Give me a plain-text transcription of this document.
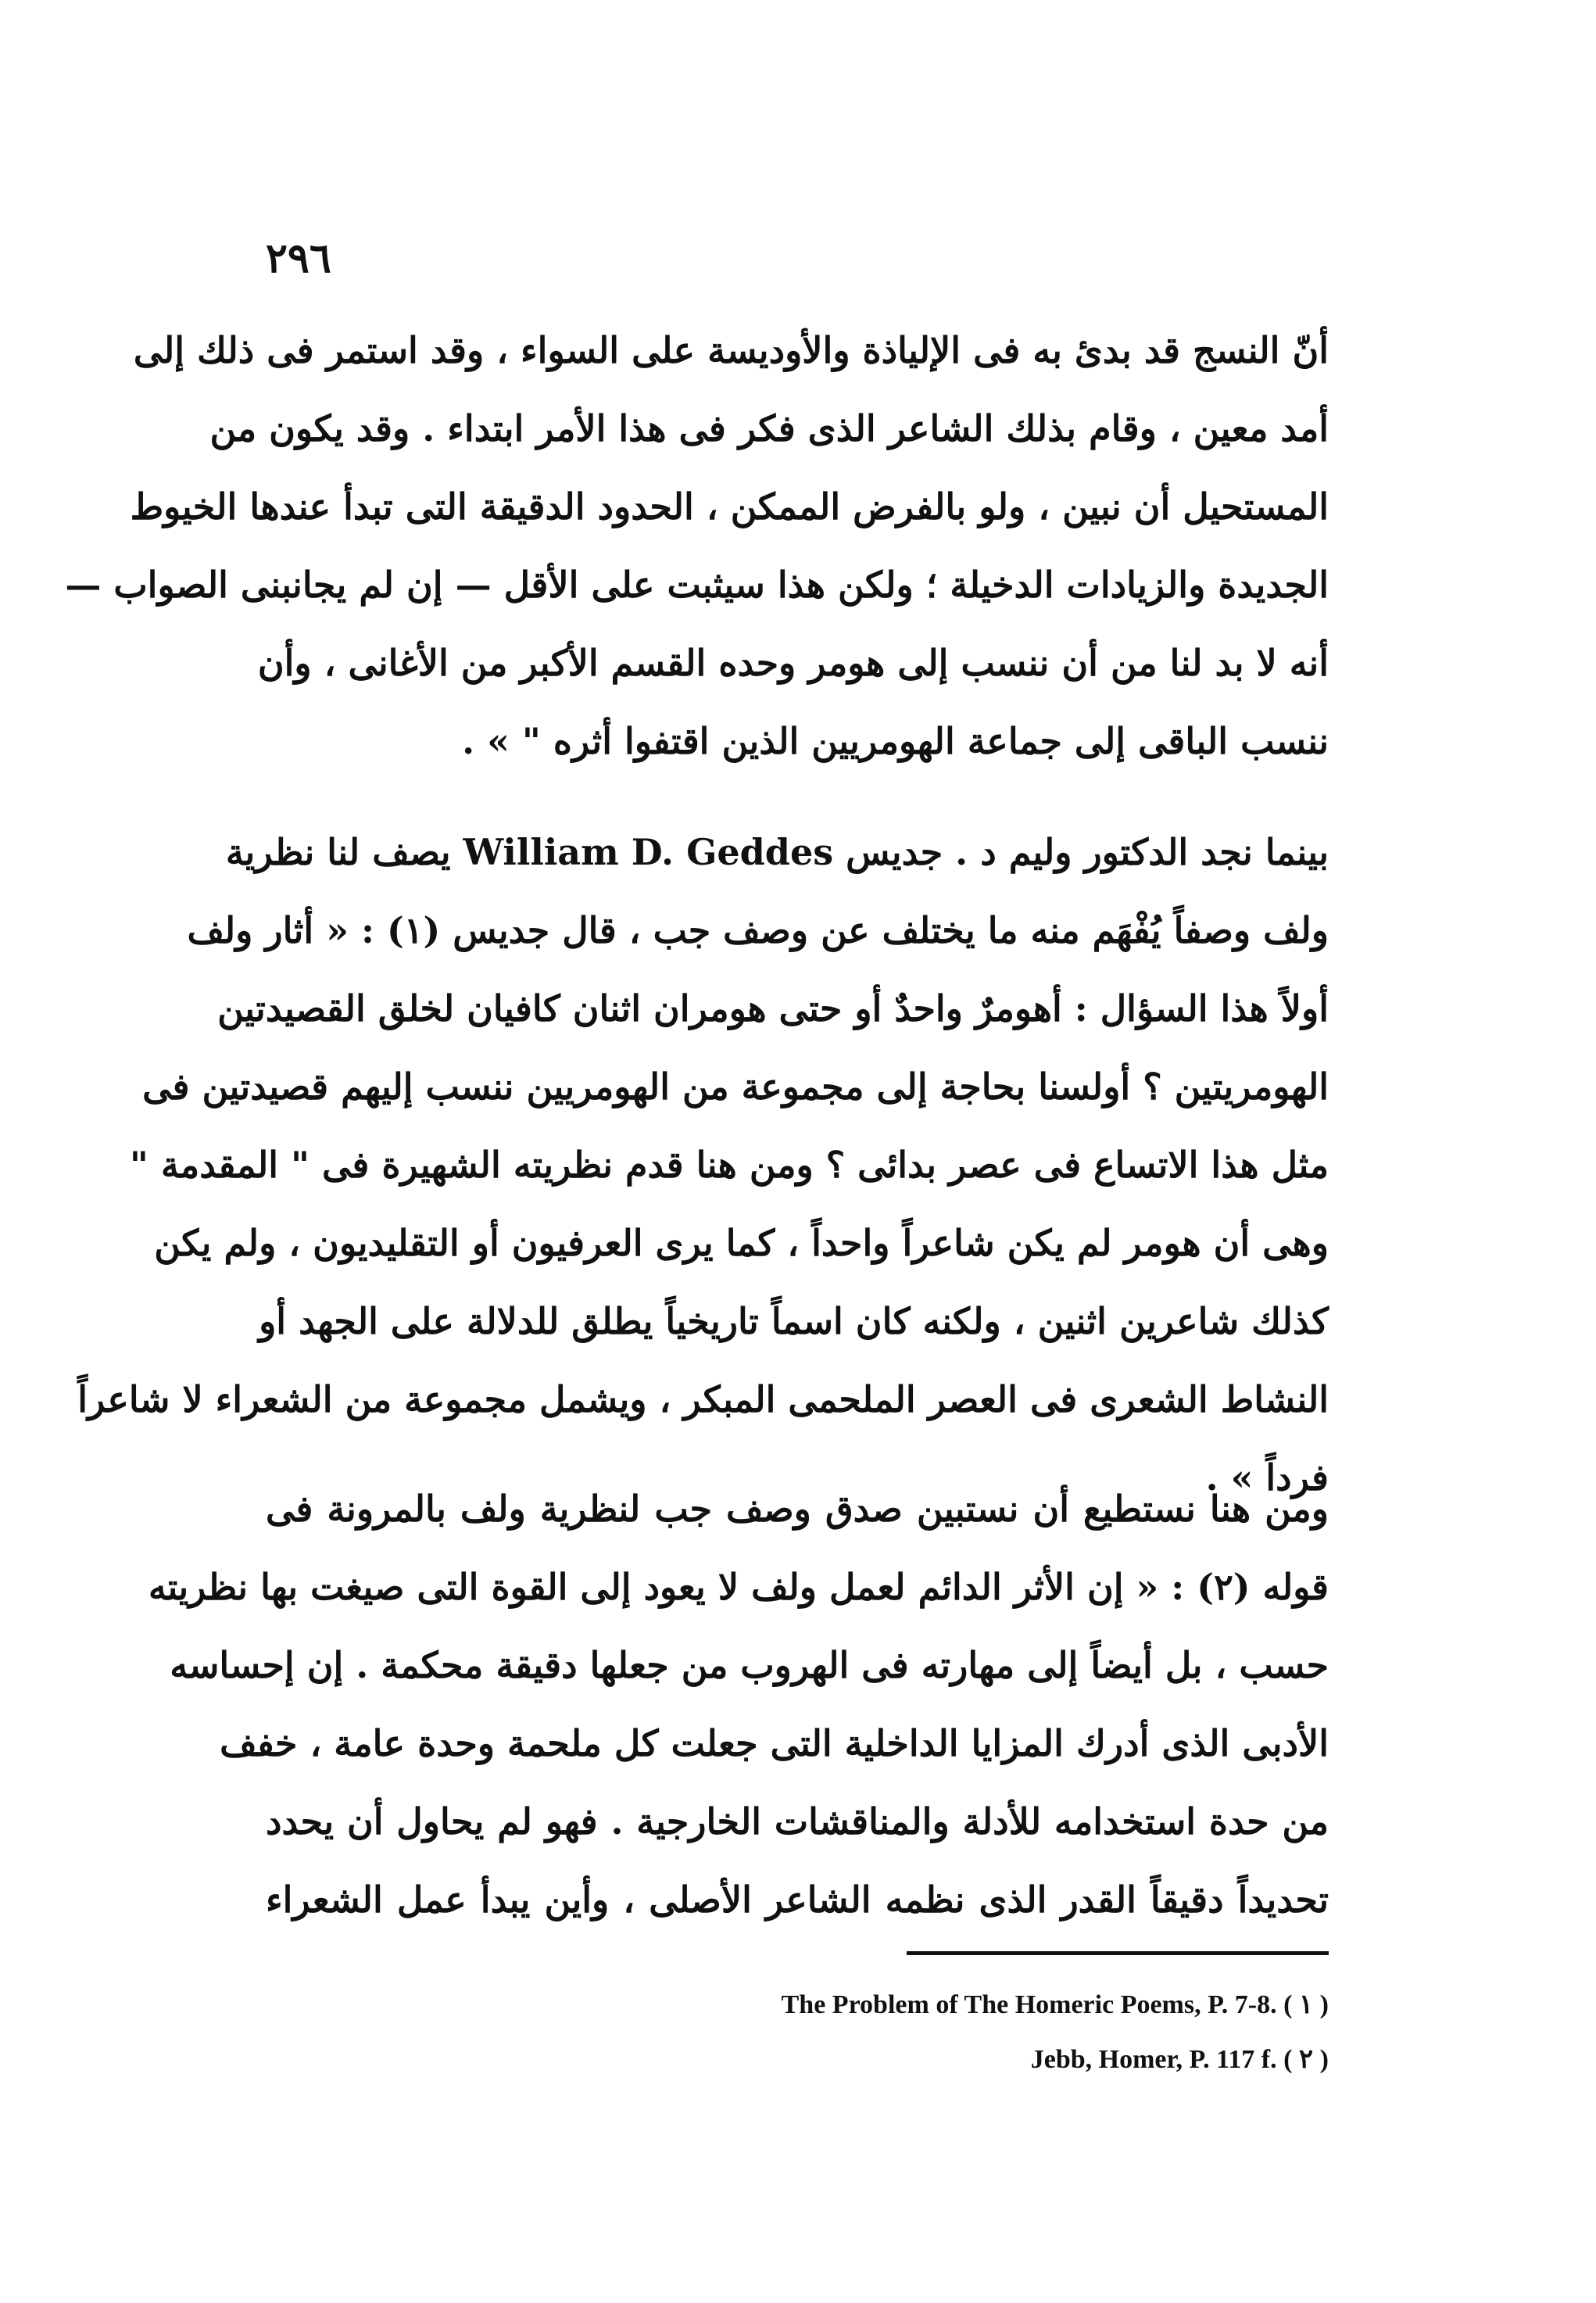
٢٩٦
أنّ النسج قد بدئ به فى الإلياذة والأوديسة على السواء ، وقد استمر فى ذلك إلى
أمد معين ، وقام بذلك الشاعر الذى فكر فى هذا الأمر ابتداء . وقد يكون من
المستحيل أن نبين ، ولو بالفرض الممكن ، الحدود الدقيقة التى تبدأ عندها الخيوط
الجديدة والزيادات الدخيلة ؛ ولكن هذا سيثبت على الأقل — إن لم يجانبنى الصواب —
أنه لا بد لنا من أن ننسب إلى هومر وحده القسم الأكبر من الأغانى ، وأن
ننسب الباقى إلى جماعة الهومريين الذين اقتفوا أثره " » .
بينما نجد الدكتور وليم د . جديس William D. Geddes يصف لنا نظرية
ولف وصفاً يُفْهَم منه ما يختلف عن وصف جب ، قال جديس (١) : « أثار ولف
أولاً هذا السؤال : أهومرٌ واحدٌ أو حتى هومران اثنان كافيان لخلق القصيدتين
الهومريتين ؟ أولسنا بحاجة إلى مجموعة من الهومريين ننسب إليهم قصيدتين فى
مثل هذا الاتساع فى عصر بدائى ؟ ومن هنا قدم نظريته الشهيرة فى " المقدمة "
وهى أن هومر لم يكن شاعراً واحداً ، كما يرى العرفيون أو التقليديون ، ولم يكن
كذلك شاعرين اثنين ، ولكنه كان اسماً تاريخياً يطلق للدلالة على الجهد أو
النشاط الشعرى فى العصر الملحمى المبكر ، ويشمل مجموعة من الشعراء لا شاعراً
فرداً » .
ومن هنا نستطيع أن نستبين صدق وصف جب لنظرية ولف بالمرونة فى
قوله (٢) : « إن الأثر الدائم لعمل ولف لا يعود إلى القوة التى صيغت بها نظريته
حسب ، بل أيضاً إلى مهارته فى الهروب من جعلها دقيقة محكمة . إن إحساسه
الأدبى الذى أدرك المزايا الداخلية التى جعلت كل ملحمة وحدة عامة ، خفف
من حدة استخدامه للأدلة والمناقشات الخارجية . فهو لم يحاول أن يحدد
تحديداً دقيقاً القدر الذى نظمه الشاعر الأصلى ، وأين يبدأ عمل الشعراء
The Problem of The Homeric Poems, P. 7-8. ( ١ )
Jebb, Homer, P. 117 f. ( ٢ )
